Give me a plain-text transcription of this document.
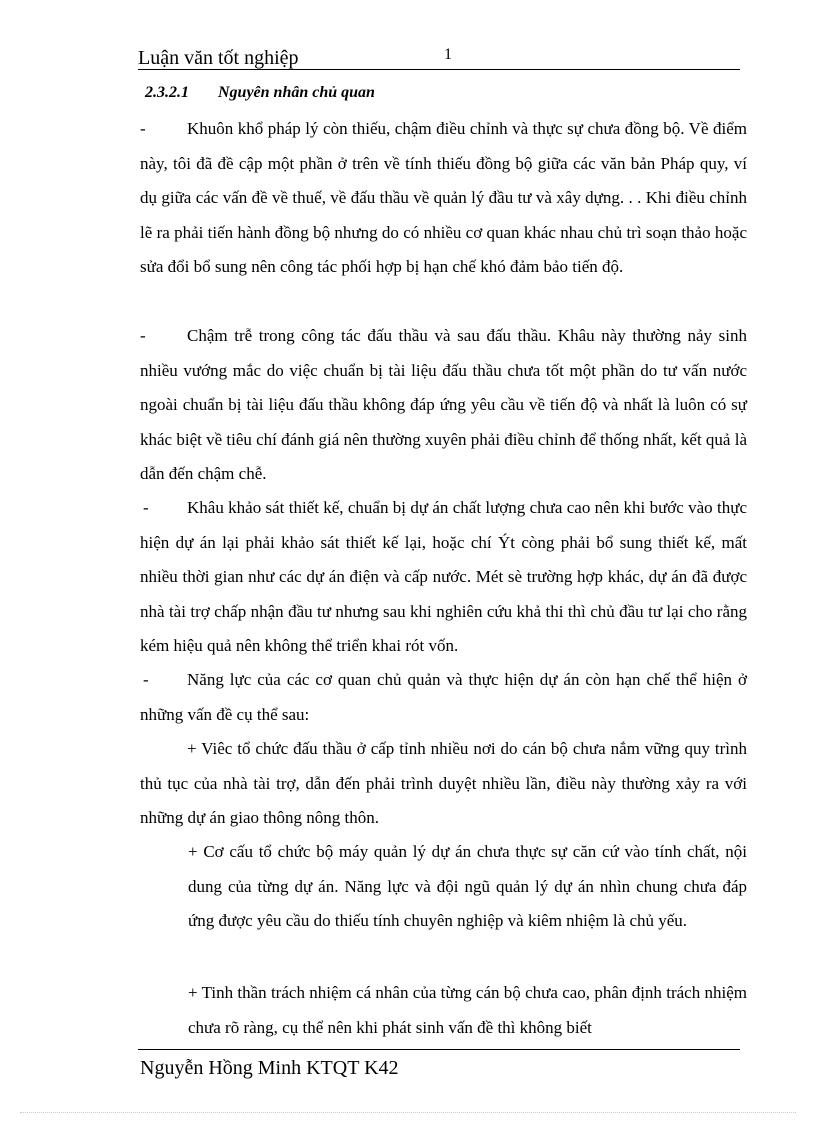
Luận văn tốt nghiệp	1
2.3.2.1 Nguyên nhân chủ quan
-	Khuôn khổ pháp lý còn thiếu, chậm điều chỉnh và thực sự chưa đồng bộ. Về điểm này, tôi đã đề cập một phần ở trên về tính thiếu đồng bộ giữa các văn bản Pháp quy, ví dụ giữa các vấn đề về thuế, về đấu thầu về quản lý đầu tư và xây dựng. . . Khi điều chỉnh lẽ ra phải tiến hành đồng bộ nhưng do có nhiều cơ quan khác nhau chủ trì soạn thảo hoặc sửa đổi bổ sung nên công tác phối hợp bị hạn chế khó đảm bảo tiến độ.

-	Chậm trễ trong công tác đấu thầu và sau đấu thầu. Khâu này thường nảy sinh nhiều vướng mắc do việc chuẩn bị tài liệu đấu thầu chưa tốt một phần do tư vấn nước ngoài chuẩn bị tài liệu đấu thầu không đáp ứng yêu cầu về tiến độ và nhất là luôn có sự khác biệt về tiêu chí đánh giá nên thường xuyên phải điều chỉnh để thống nhất, kết quả là dẫn đến chậm chễ.

-	Khâu khảo sát thiết kế, chuẩn bị dự án chất lượng chưa cao nên khi bước vào thực hiện dự án lại phải khảo sát thiết kế lại, hoặc chí Ýt còng phải bổ sung thiết kế, mất nhiều thời gian như các dự án điện và cấp nước. Mét sè trường hợp khác, dự án đã được nhà tài trợ chấp nhận đầu tư nhưng sau khi nghiên cứu khả thi thì chủ đầu tư lại cho rằng kém hiệu quả nên không thể triển khai rót vốn.

-	Năng lực của các cơ quan chủ quản và thực hiện dự án còn hạn chế thể hiện ở những vấn đề cụ thể sau:

+ Viêc tổ chức đấu thầu ở cấp tỉnh nhiều nơi do cán bộ chưa nắm vững quy trình thủ tục của nhà tài trợ, dẫn đến phải trình duyệt nhiều lần, điều này thường xảy ra với những dự án giao thông nông thôn.

+ Cơ cấu tổ chức bộ máy quản lý dự án chưa thực sự căn cứ vào tính chất, nội dung của từng dự án. Năng lực và đội ngũ quản lý dự án nhìn chung chưa đáp ứng được yêu cầu do thiếu tính chuyên nghiệp và kiêm nhiệm là chủ yếu.

+ Tinh thần trách nhiệm cá nhân của từng cán bộ chưa cao, phân định trách nhiệm chưa rõ ràng, cụ thể nên khi phát sinh vấn đề thì không biết

Nguyễn Hồng Minh KTQT K42
